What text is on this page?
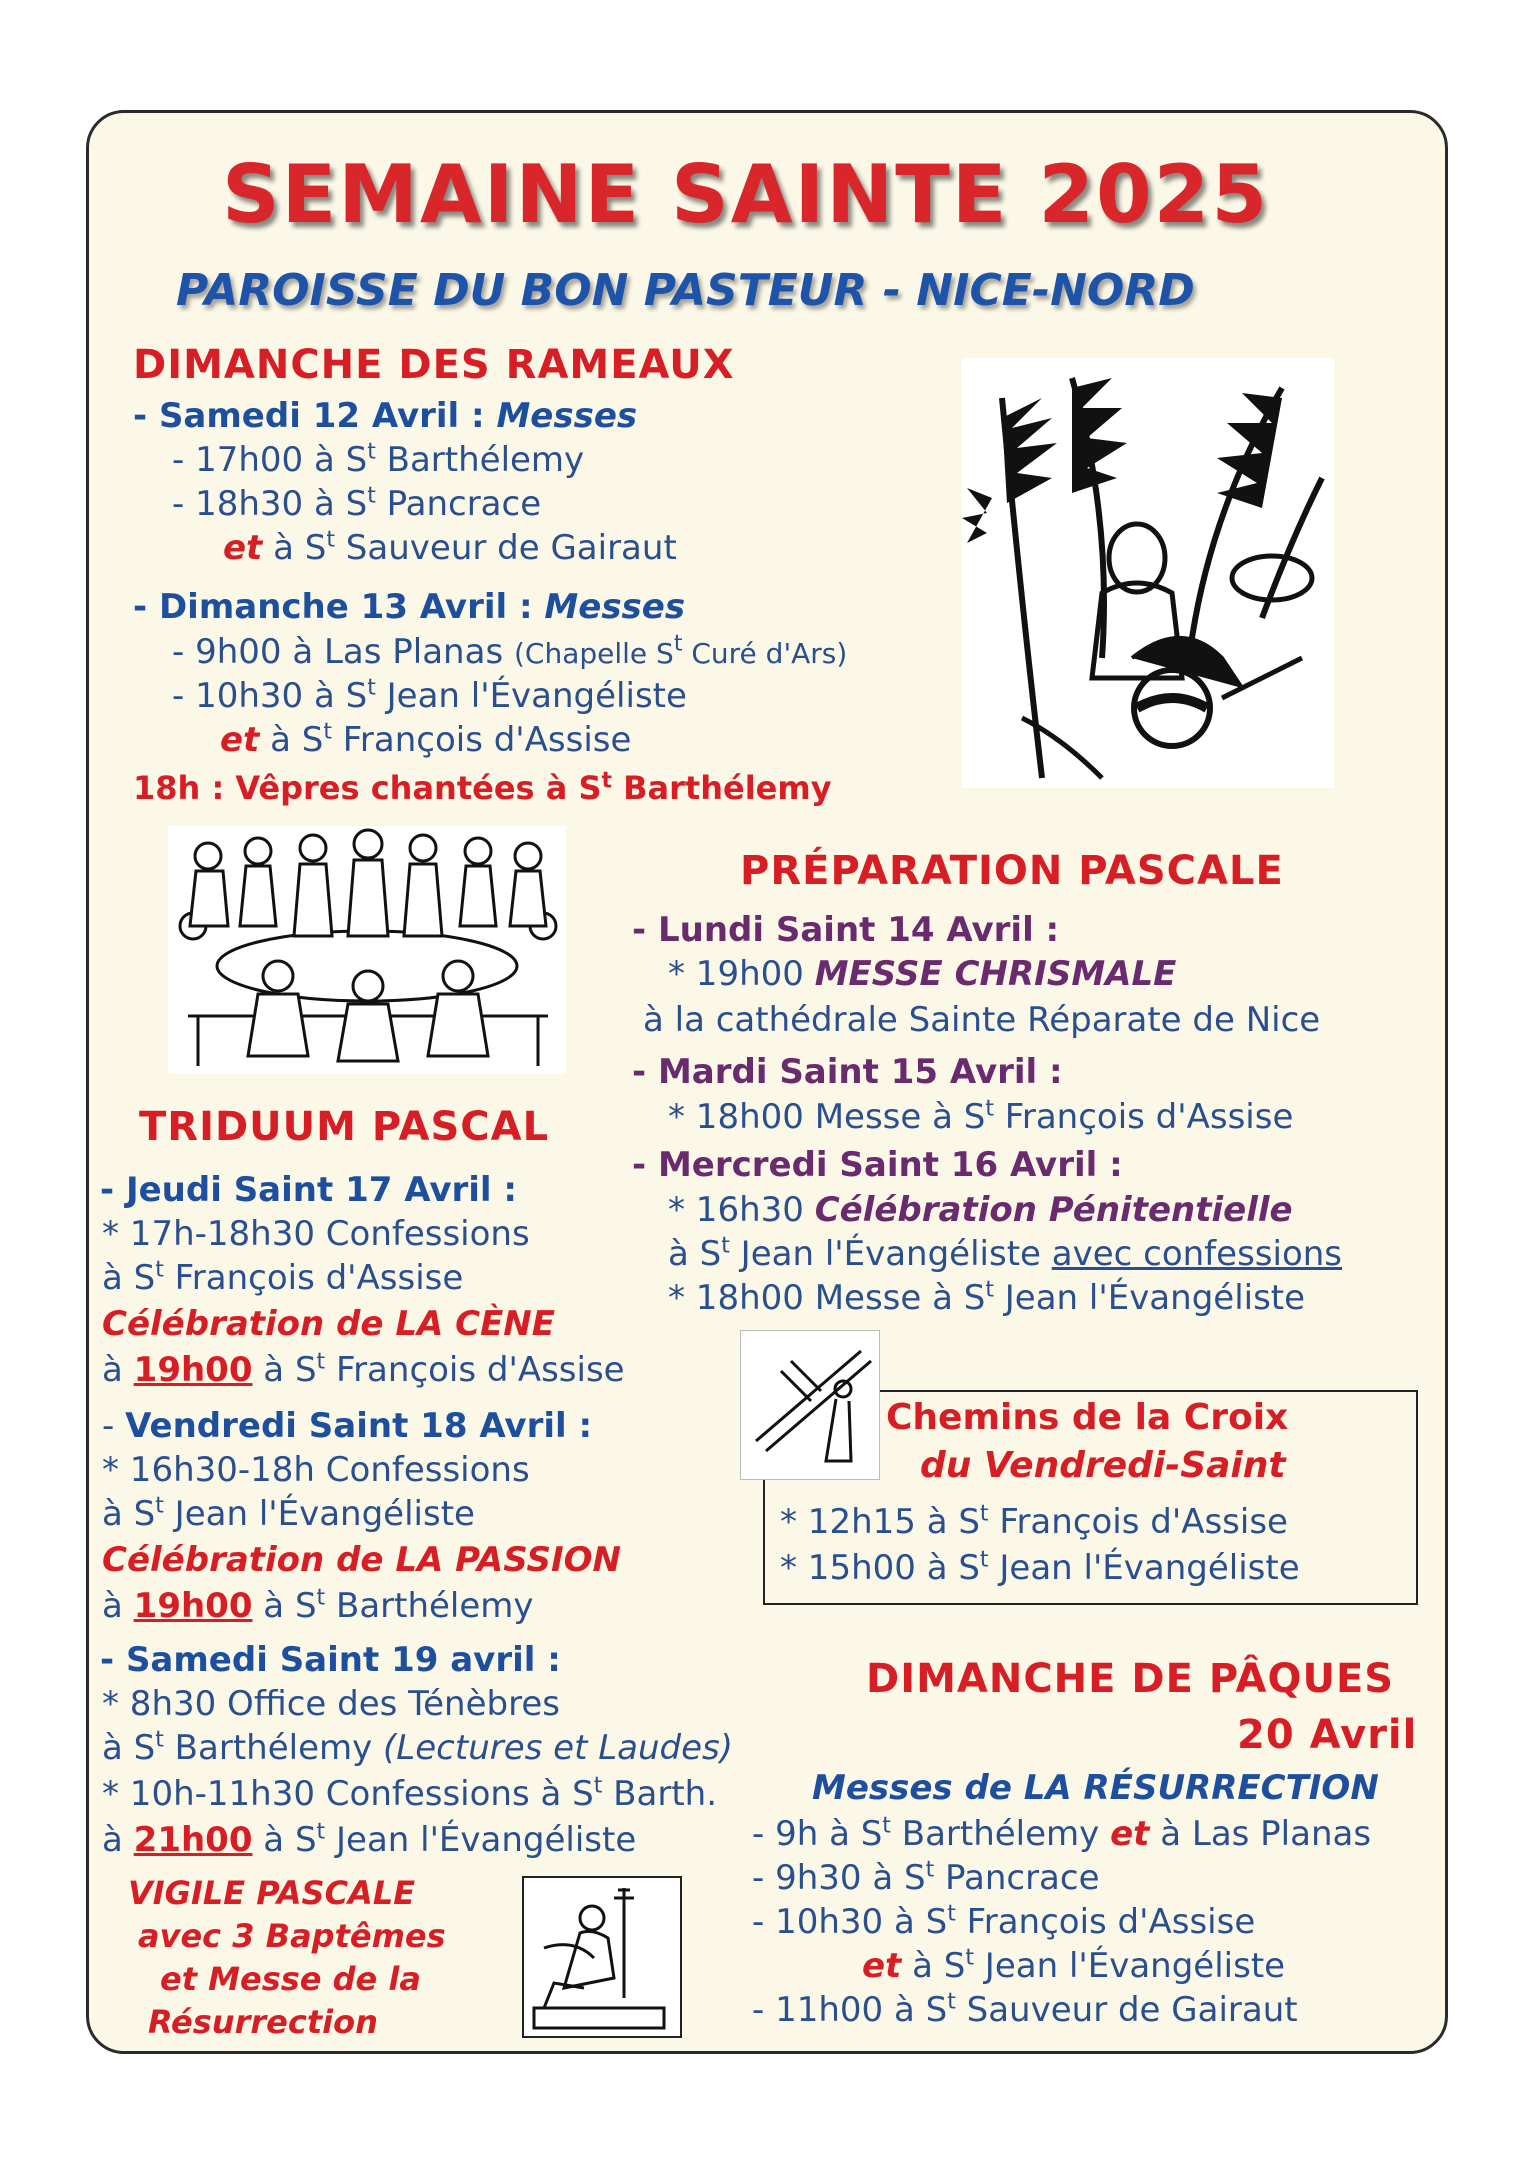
SEMAINE SAINTE 2025
PAROISSE DU BON PASTEUR - NICE-NORD
DIMANCHE DES RAMEAUX
- Samedi 12 Avril : Messes
- 17h00 à $S^t$ Barthélemy
- 18h30 à $S^t$ Pancrace
et à $S^t$ Sauveur de Gairaut
- Dimanche 13 Avril : Messes
- 9h00 à Las Planas (Chapelle $S^t$ Curé d'Ars)
- 10h30 à $S^t$ Jean l'Évangéliste
et à $S^t$ François d'Assise
18h : Vêpres chantées à $S^t$ Barthélemy
PRÉPARATION PASCALE
- Lundi Saint 14 Avril :
* 19h00 MESSE CHRISMALE
à la cathédrale Sainte Réparate de Nice
- Mardi Saint 15 Avril :
* 18h00 Messe à $S^t$ François d'Assise
- Mercredi Saint 16 Avril :
* 16h30 Célébration Pénitentielle
à $S^t$ Jean l'Évangéliste avec confessions
* 18h00 Messe à $S^t$ Jean l'Évangéliste
TRIDUUM PASCAL
- Jeudi Saint 17 Avril :
* 17h-18h30 Confessions
à $S^t$ François d'Assise
Célébration de LA CÈNE
à 19h00 à $S^t$ François d'Assise
- Vendredi Saint 18 Avril :
* 16h30-18h Confessions
à $S^t$ Jean l'Évangéliste
Célébration de LA PASSION
à 19h00 à $S^t$ Barthélemy
- Samedi Saint 19 avril :
* 8h30 Office des Ténèbres
à $S^t$ Barthélemy (Lectures et Laudes)
* 10h-11h30 Confessions à $S^t$ Barth.
à 21h00 à $S^t$ Jean l'Évangéliste
VIGILE PASCALE
avec 3 Baptêmes
et Messe de la
Résurrection
Chemins de la Croix
du Vendredi-Saint
* 12h15 à $S^t$ François d'Assise
* 15h00 à $S^t$ Jean l'Évangéliste
DIMANCHE DE PÂQUES
20 Avril
Messes de LA RÉSURRECTION
- 9h à $S^t$ Barthélemy et à Las Planas
- 9h30 à $S^t$ Pancrace
- 10h30 à $S^t$ François d'Assise
et à $S^t$ Jean l'Évangéliste
- 11h00 à $S^t$ Sauveur de Gairaut
